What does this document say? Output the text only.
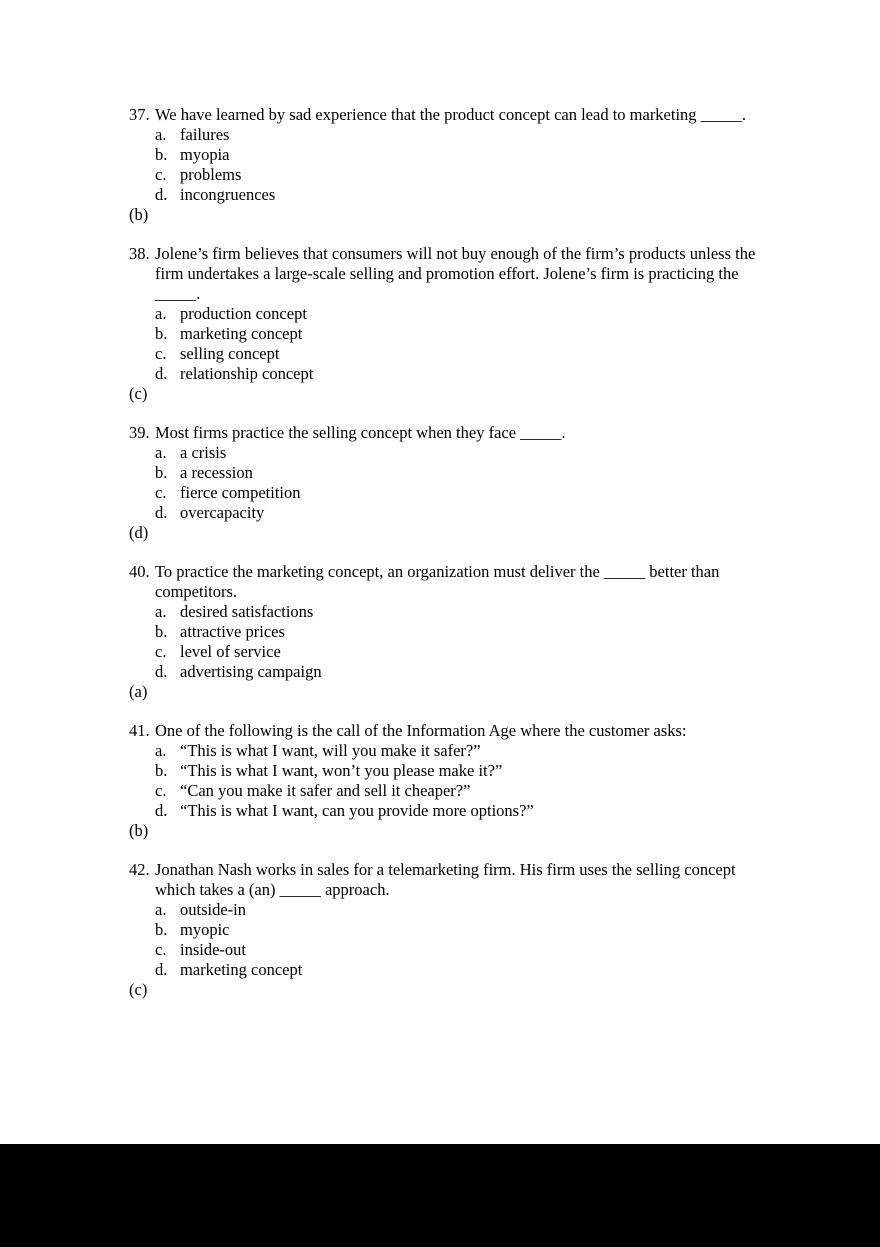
37. We have learned by sad experience that the product concept can lead to marketing _____.
a. failures
b. myopia
c. problems
d. incongruences
(b)
38. Jolene’s firm believes that consumers will not buy enough of the firm’s products unless the firm undertakes a large-scale selling and promotion effort. Jolene’s firm is practicing the _____.
a. production concept
b. marketing concept
c. selling concept
d. relationship concept
(c)
39. Most firms practice the selling concept when they face _____.
a. a crisis
b. a recession
c. fierce competition
d. overcapacity
(d)
40. To practice the marketing concept, an organization must deliver the _____ better than competitors.
a. desired satisfactions
b. attractive prices
c. level of service
d. advertising campaign
(a)
41. One of the following is the call of the Information Age where the customer asks:
a. “This is what I want, will you make it safer?”
b. “This is what I want, won’t you please make it?”
c. “Can you make it safer and sell it cheaper?”
d. “This is what I want, can you provide more options?”
(b)
42. Jonathan Nash works in sales for a telemarketing firm. His firm uses the selling concept which takes a (an) _____ approach.
a. outside-in
b. myopic
c. inside-out
d. marketing concept
(c)
